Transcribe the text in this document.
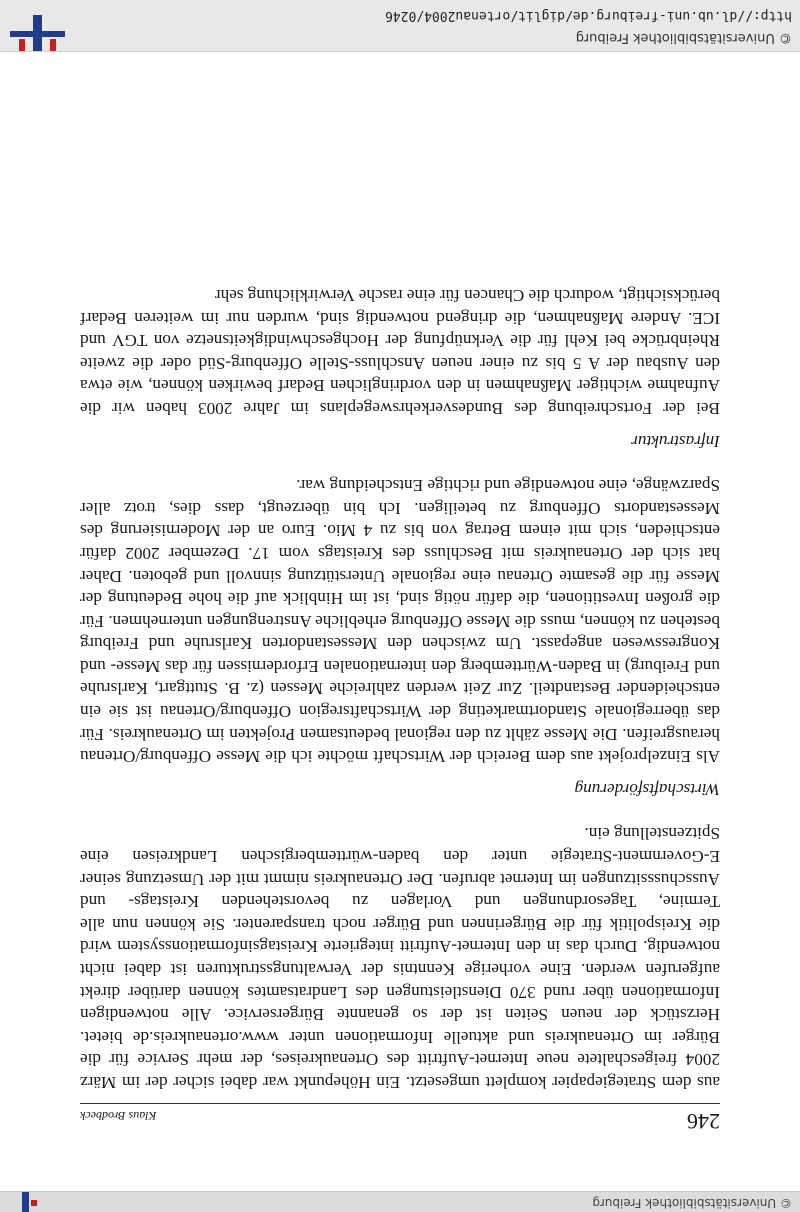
© Universitätsbibliothek Freiburg
246
Klaus Brodbeck

aus dem Strategiepapier komplett umgesetzt. Ein Höhepunkt war dabei sicher der im März 2004 freigeschaltete neue Internet-Auftritt des Ortenaukreises, der mehr Service für die Bürger im Ortenaukreis und aktuelle Informationen unter www.ortenaukreis.de bietet. Herzstück der neuen Seiten ist der so genannte Bürgerservice. Alle notwendigen Informationen über rund 370 Dienstleistungen des Landratsamtes können darüber direkt aufgerufen werden. Eine vorherige Kenntnis der Verwaltungsstrukturen ist dabei nicht notwendig. Durch das in den Internet-Auftritt integrierte Kreistagsinformationssystem wird die Kreispolitik für die Bürgerinnen und Bürger noch transparenter. Sie können nun alle Termine, Tagesordnungen und Vorlagen zu bevorstehenden Kreistags- und Ausschusssitzungen im Internet abrufen. Der Ortenaukreis nimmt mit der Umsetzung seiner E-Government-Strategie unter den baden-württembergischen Landkreisen eine Spitzenstellung ein.

Wirtschaftsförderung

Als Einzelprojekt aus dem Bereich der Wirtschaft möchte ich die Messe Offenburg/Ortenau herausgreifen. Die Messe zählt zu den regional bedeutsamen Projekten im Ortenaukreis. Für das überregionale Standortmarketing der Wirtschaftsregion Offenburg/Ortenau ist sie ein entscheidender Bestandteil. Zur Zeit werden zahlreiche Messen (z. B. Stuttgart, Karlsruhe und Freiburg) in Baden-Württemberg den internationalen Erfordernissen für das Messe- und Kongresswesen angepasst. Um zwischen den Messestandorten Karlsruhe und Freiburg bestehen zu können, muss die Messe Offenburg erhebliche Anstrengungen unternehmen. Für die großen Investitionen, die dafür nötig sind, ist im Hinblick auf die hohe Bedeutung der Messe für die gesamte Ortenau eine regionale Unterstützung sinnvoll und geboten. Daher hat sich der Ortenaukreis mit Beschluss des Kreistags vom 17. Dezember 2002 dafür entschieden, sich mit einem Betrag von bis zu 4 Mio. Euro an der Modernisierung des Messestandorts Offenburg zu beteiligen. Ich bin überzeugt, dass dies, trotz aller Sparzwänge, eine notwendige und richtige Entscheidung war.

Infrastruktur

Bei der Fortschreibung des Bundesverkehrswegeplans im Jahre 2003 haben wir die Aufnahme wichtiger Maßnahmen in den vordringlichen Bedarf bewirken können, wie etwa den Ausbau der A 5 bis zu einer neuen Anschluss-Stelle Offenburg-Süd oder die zweite Rheinbrücke bei Kehl für die Verknüpfung der Hochgeschwindigkeitsnetze von TGV und ICE. Andere Maßnahmen, die dringend notwendig sind, wurden nur im weiteren Bedarf berücksichtigt, wodurch die Chancen für eine rasche Verwirklichung sehr

© Universitätsbibliothek Freiburg
http://dl.ub.uni-freiburg.de/diglit/ortenau2004/0246
